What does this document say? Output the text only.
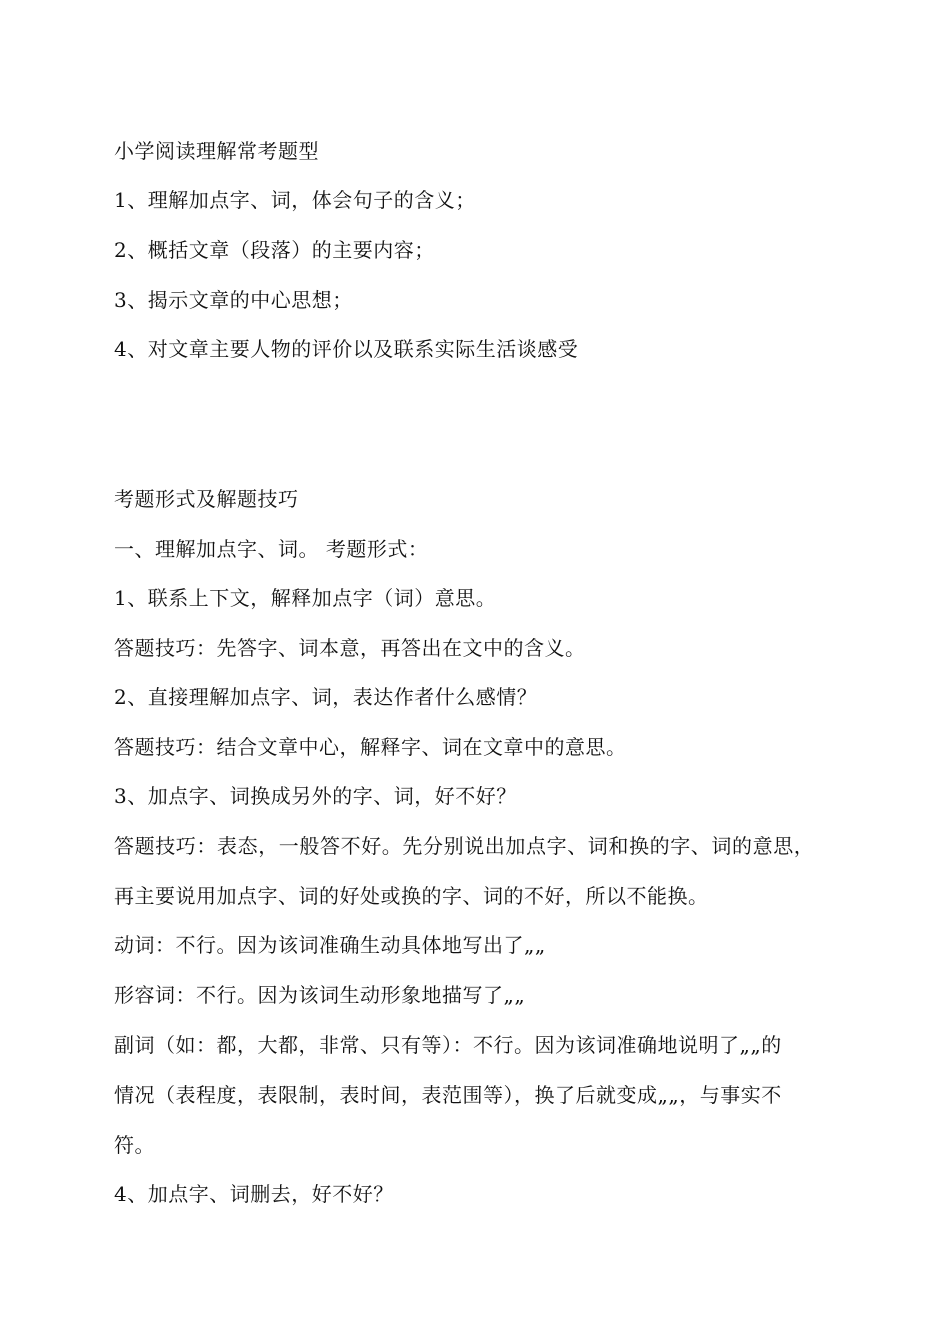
小学阅读理解常考题型
1、理解加点字、词，体会句子的含义；
2、概括文章（段落）的主要内容；
3、揭示文章的中心思想；
4、对文章主要人物的评价以及联系实际生活谈感受
考题形式及解题技巧
一、理解加点字、词。 考题形式：
1、联系上下文，解释加点字（词）意思。
答题技巧：先答字、词本意，再答出在文中的含义。
2、直接理解加点字、词，表达作者什么感情？
答题技巧：结合文章中心，解释字、词在文章中的意思。
3、加点字、词换成另外的字、词，好不好？
答题技巧：表态，一般答不好。先分别说出加点字、词和换的字、词的意思，
再主要说用加点字、词的好处或换的字、词的不好，所以不能换。
动词：不行。因为该词准确生动具体地写出了„„
形容词：不行。因为该词生动形象地描写了„„
副词（如：都，大都，非常、只有等）：不行。因为该词准确地说明了„„的
情况（表程度，表限制，表时间，表范围等），换了后就变成„„，与事实不
符。
4、加点字、词删去，好不好？
